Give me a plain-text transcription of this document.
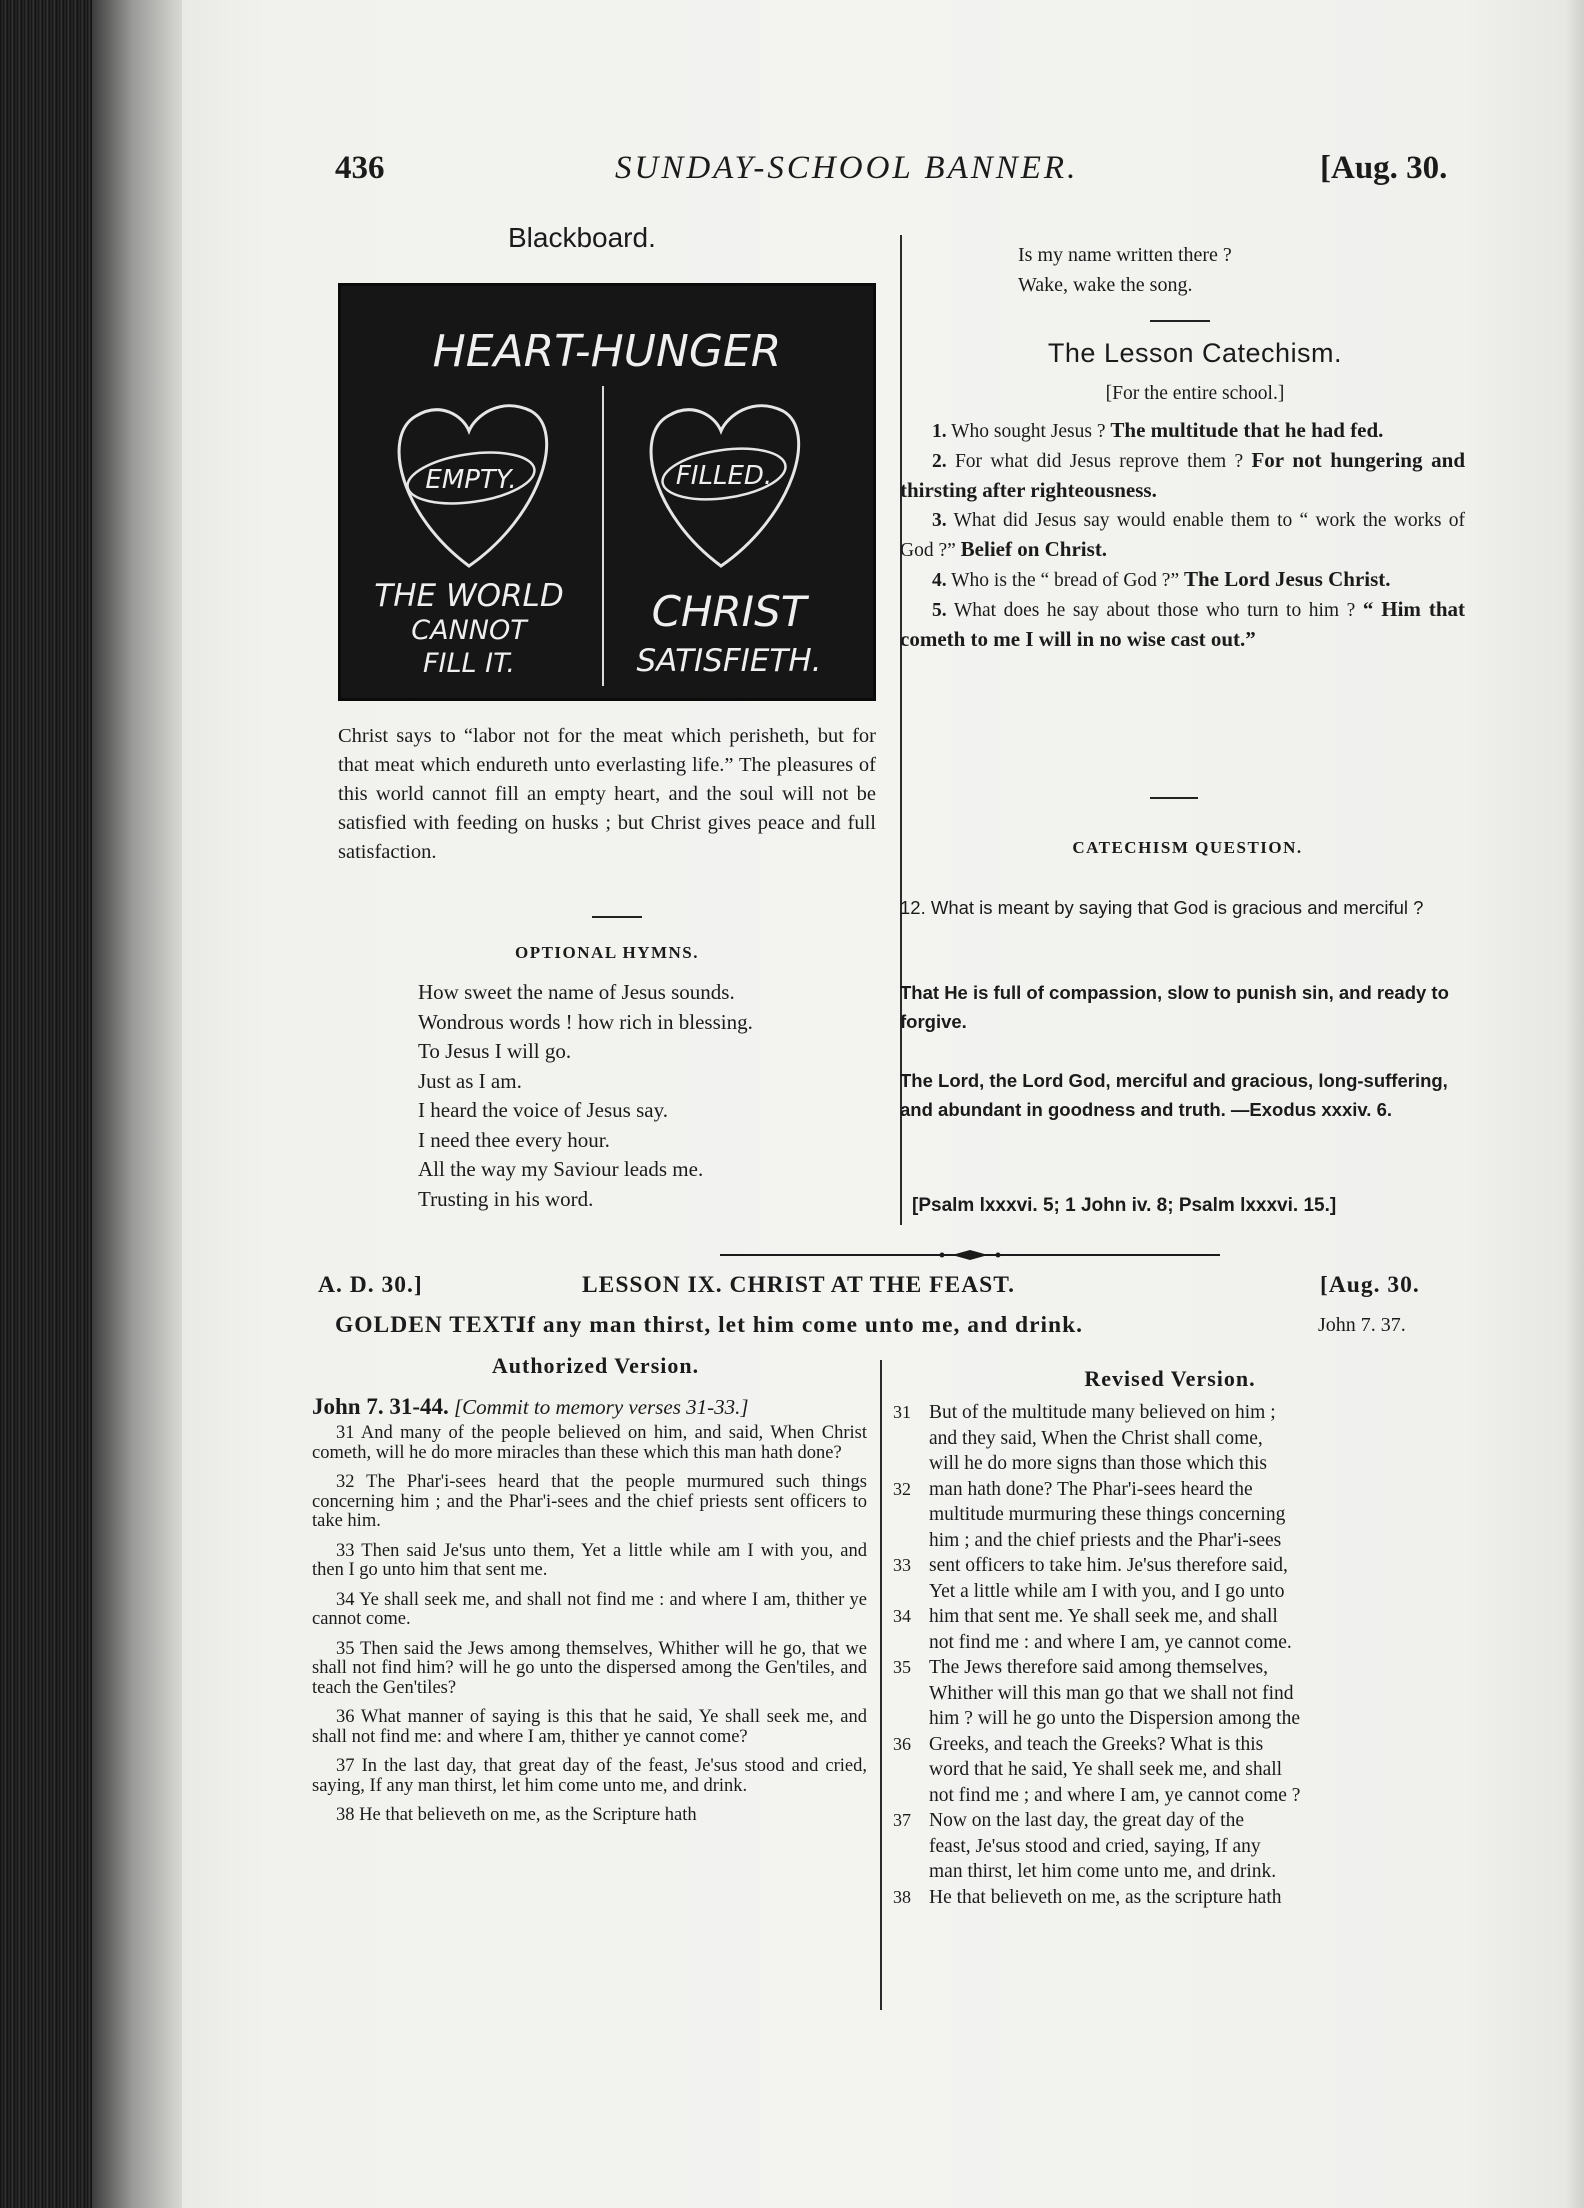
436	SUNDAY-SCHOOL BANNER.	[Aug. 30.
Blackboard.
HEART-HUNGER
EMPTY.	FILLED.
THE WORLD
CANNOT
FILL IT.
CHRIST
SATISFIETH.
Christ says to “labor not for the meat which perisheth, but for that meat which endureth unto everlasting life.” The pleasures of this world cannot fill an empty heart, and the soul will not be satisfied with feeding on husks ; but Christ gives peace and full satisfaction.
OPTIONAL HYMNS.
How sweet the name of Jesus sounds.
Wondrous words ! how rich in blessing.
To Jesus I will go.
Just as I am.
I heard the voice of Jesus say.
I need thee every hour.
All the way my Saviour leads me.
Trusting in his word.
Is my name written there ?
Wake, wake the song.
The Lesson Catechism.
[For the entire school.]

1. Who sought Jesus ? The multitude that he had fed.

2. For what did Jesus reprove them ? For not hungering and thirsting after righteousness.

3. What did Jesus say would enable them to “ work the works of God ?” Belief on Christ.

4. Who is the “ bread of God ?” The Lord Jesus Christ.

5. What does he say about those who turn to him ? “ Him that cometh to me I will in no wise cast out.”

CATECHISM QUESTION.
12. What is meant by saying that God is gracious and merciful ?
That He is full of compassion, slow to punish sin, and ready to forgive.
The Lord, the Lord God, merciful and gracious, long-suffering, and abundant in goodness and truth. —Exodus xxxiv. 6.
[Psalm lxxxvi. 5; 1 John iv. 8; Psalm lxxxvi. 15.]
A. D. 30.]	LESSON IX. CHRIST AT THE FEAST.	[Aug. 30.
GOLDEN TEXT.
If any man thirst, let him come unto me, and drink.	John 7. 37.
Authorized Version.
John 7. 31-44. [Commit to memory verses 31-33.]

31 And many of the people believed on him, and said, When Christ cometh, will he do more miracles than these which this man hath done?

32 The Phar'i-sees heard that the people murmured such things concerning him ; and the Phar'i-sees and the chief priests sent officers to take him.

33 Then said Je'sus unto them, Yet a little while am I with you, and then I go unto him that sent me.

34 Ye shall seek me, and shall not find me : and where I am, thither ye cannot come.

35 Then said the Jews among themselves, Whither will he go, that we shall not find him? will he go unto the dispersed among the Gen'tiles, and teach the Gen'tiles?

36 What manner of saying is this that he said, Ye shall seek me, and shall not find me: and where I am, thither ye cannot come?

37 In the last day, that great day of the feast, Je'sus stood and cried, saying, If any man thirst, let him come unto me, and drink.

38 He that believeth on me, as the Scripture hath

Revised Version.
31 But of the multitude many believed on him ;
and they said, When the Christ shall come,
will he do more signs than those which this
32 man hath done? The Phar'i-sees heard the
multitude murmuring these things concerning
him ; and the chief priests and the Phar'i-sees
33 sent officers to take him. Je'sus therefore said,
Yet a little while am I with you, and I go unto
34 him that sent me. Ye shall seek me, and shall
not find me : and where I am, ye cannot come.
35 The Jews therefore said among themselves,
Whither will this man go that we shall not find
him ? will he go unto the Dispersion among the
36 Greeks, and teach the Greeks? What is this
word that he said, Ye shall seek me, and shall
not find me ; and where I am, ye cannot come ?
37 Now on the last day, the great day of the
feast, Je'sus stood and cried, saying, If any
man thirst, let him come unto me, and drink.
38 He that believeth on me, as the scripture hath
